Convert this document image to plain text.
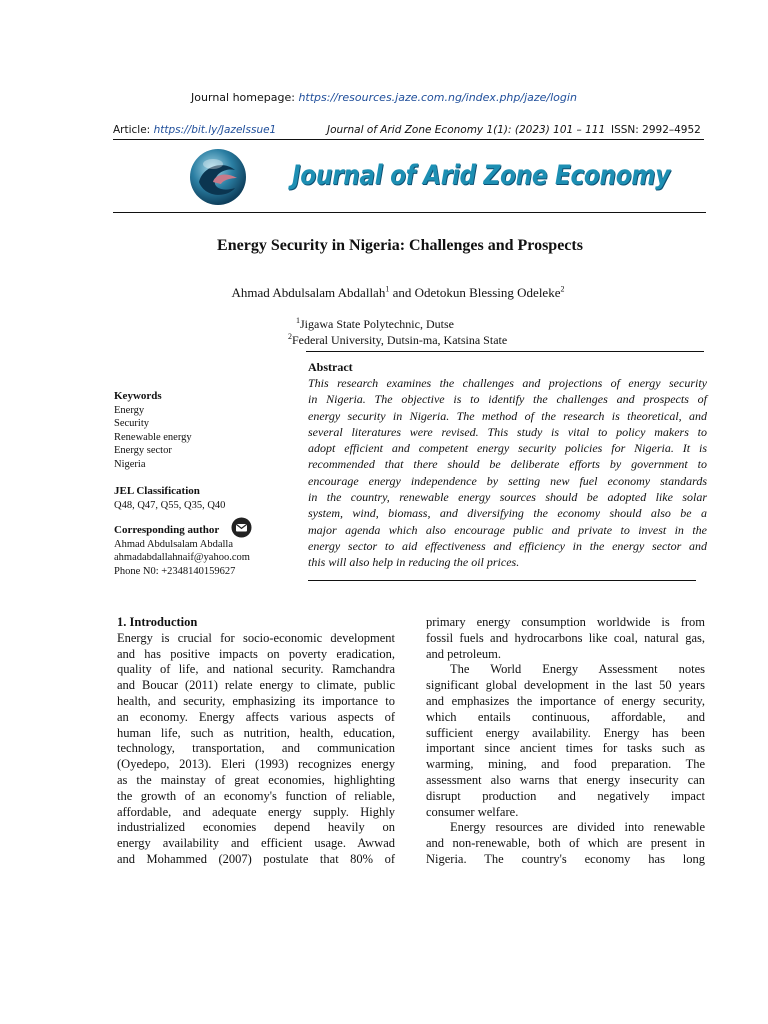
Journal homepage: https://resources.jaze.com.ng/index.php/jaze/login
Article: https://bit.ly/JazeIssue1	Journal of Arid Zone Economy 1(1): (2023) 101 – 111 ISSN: 2992–4952
Journal of Arid Zone Economy
Energy Security in Nigeria: Challenges and Prospects
Ahmad Abdulsalam Abdallah$^1$ and Odetokun Blessing Odeleke$^2$
$^1$Jigawa State Polytechnic, Dutse
$^2$Federal University, Dutsin-ma, Katsina State
Abstract
This research examines the challenges and projections of energy security
in Nigeria. The objective is to identify the challenges and prospects of
energy security in Nigeria. The method of the research is theoretical, and
several literatures were revised. This study is vital to policy makers to
adopt efficient and competent energy security policies for Nigeria. It is
recommended that there should be deliberate efforts by government to
encourage energy independence by setting new fuel economy standards
in the country, renewable energy sources should be adopted like solar
system, wind, biomass, and diversifying the economy should also be a
major agenda which also encourage public and private to invest in the
energy sector to aid effectiveness and efficiency in the energy sector and
this will also help in reducing the oil prices.
Keywords
Energy
Security
Renewable energy
Energy sector
Nigeria
JEL Classification
Q48, Q47, Q55, Q35, Q40
Corresponding author
Ahmad Abdulsalam Abdalla
ahmadabdallahnaif@yahoo.com
Phone N0: +2348140159627
1. Introduction
Energy is crucial for socio-economic development
and has positive impacts on poverty eradication,
quality of life, and national security. Ramchandra
and Boucar (2011) relate energy to climate, public
health, and security, emphasizing its importance to
an economy. Energy affects various aspects of
human life, such as nutrition, health, education,
technology, transportation, and communication
(Oyedepo, 2013). Eleri (1993) recognizes energy
as the mainstay of great economies, highlighting
the growth of an economy's function of reliable,
affordable, and adequate energy supply. Highly
industrialized economies depend heavily on
energy availability and efficient usage. Awwad
and Mohammed (2007) postulate that 80% of
primary energy consumption worldwide is from
fossil fuels and hydrocarbons like coal, natural gas,
and petroleum.
The World Energy Assessment notes
significant global development in the last 50 years
and emphasizes the importance of energy security,
which entails continuous, affordable, and
sufficient energy availability. Energy has been
important since ancient times for tasks such as
warming, mining, and food preparation. The
assessment also warns that energy insecurity can
disrupt production and negatively impact
consumer welfare.
Energy resources are divided into renewable
and non-renewable, both of which are present in
Nigeria. The country's economy has long
